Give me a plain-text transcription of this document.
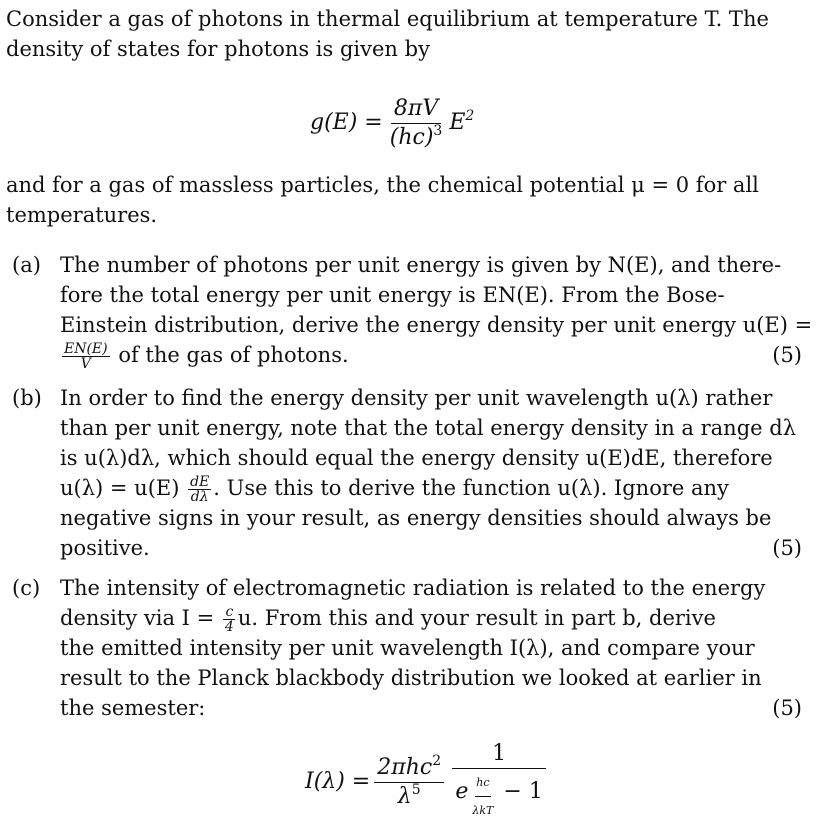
Consider a gas of photons in thermal equilibrium at temperature T. The
density of states for photons is given by
$g(E) = \frac{8\pi V}{(hc)^3} E^2$
and for a gas of massless particles, the chemical potential μ = 0 for all
temperatures.
(a) The number of photons per unit energy is given by N(E), and there-
fore the total energy per unit energy is EN(E). From the Bose-
Einstein distribution, derive the energy density per unit energy u(E) =
$\frac{EN(E)}{V}$ of the gas of photons.	(5)
(b) In order to find the energy density per unit wavelength u(λ) rather
than per unit energy, note that the total energy density in a range dλ
is u(λ)dλ, which should equal the energy density u(E)dE, therefore
$u(\lambda) = u(E) \frac{dE}{d\lambda}$ . Use this to derive the function u(λ). Ignore any
negative signs in your result, as energy densities should always be
positive.	(5)
(c) The intensity of electromagnetic radiation is related to the energy
density via $I = \frac{c}{4} u$. From this and your result in part b, derive
the emitted intensity per unit wavelength I(λ), and compare your
result to the Planck blackbody distribution we looked at earlier in
the semester:	(5)
$I(\lambda) = \frac{2\pi hc^2}{\lambda^5} \frac{1}{e \frac{hc}{\text{λkT}} - 1}$
